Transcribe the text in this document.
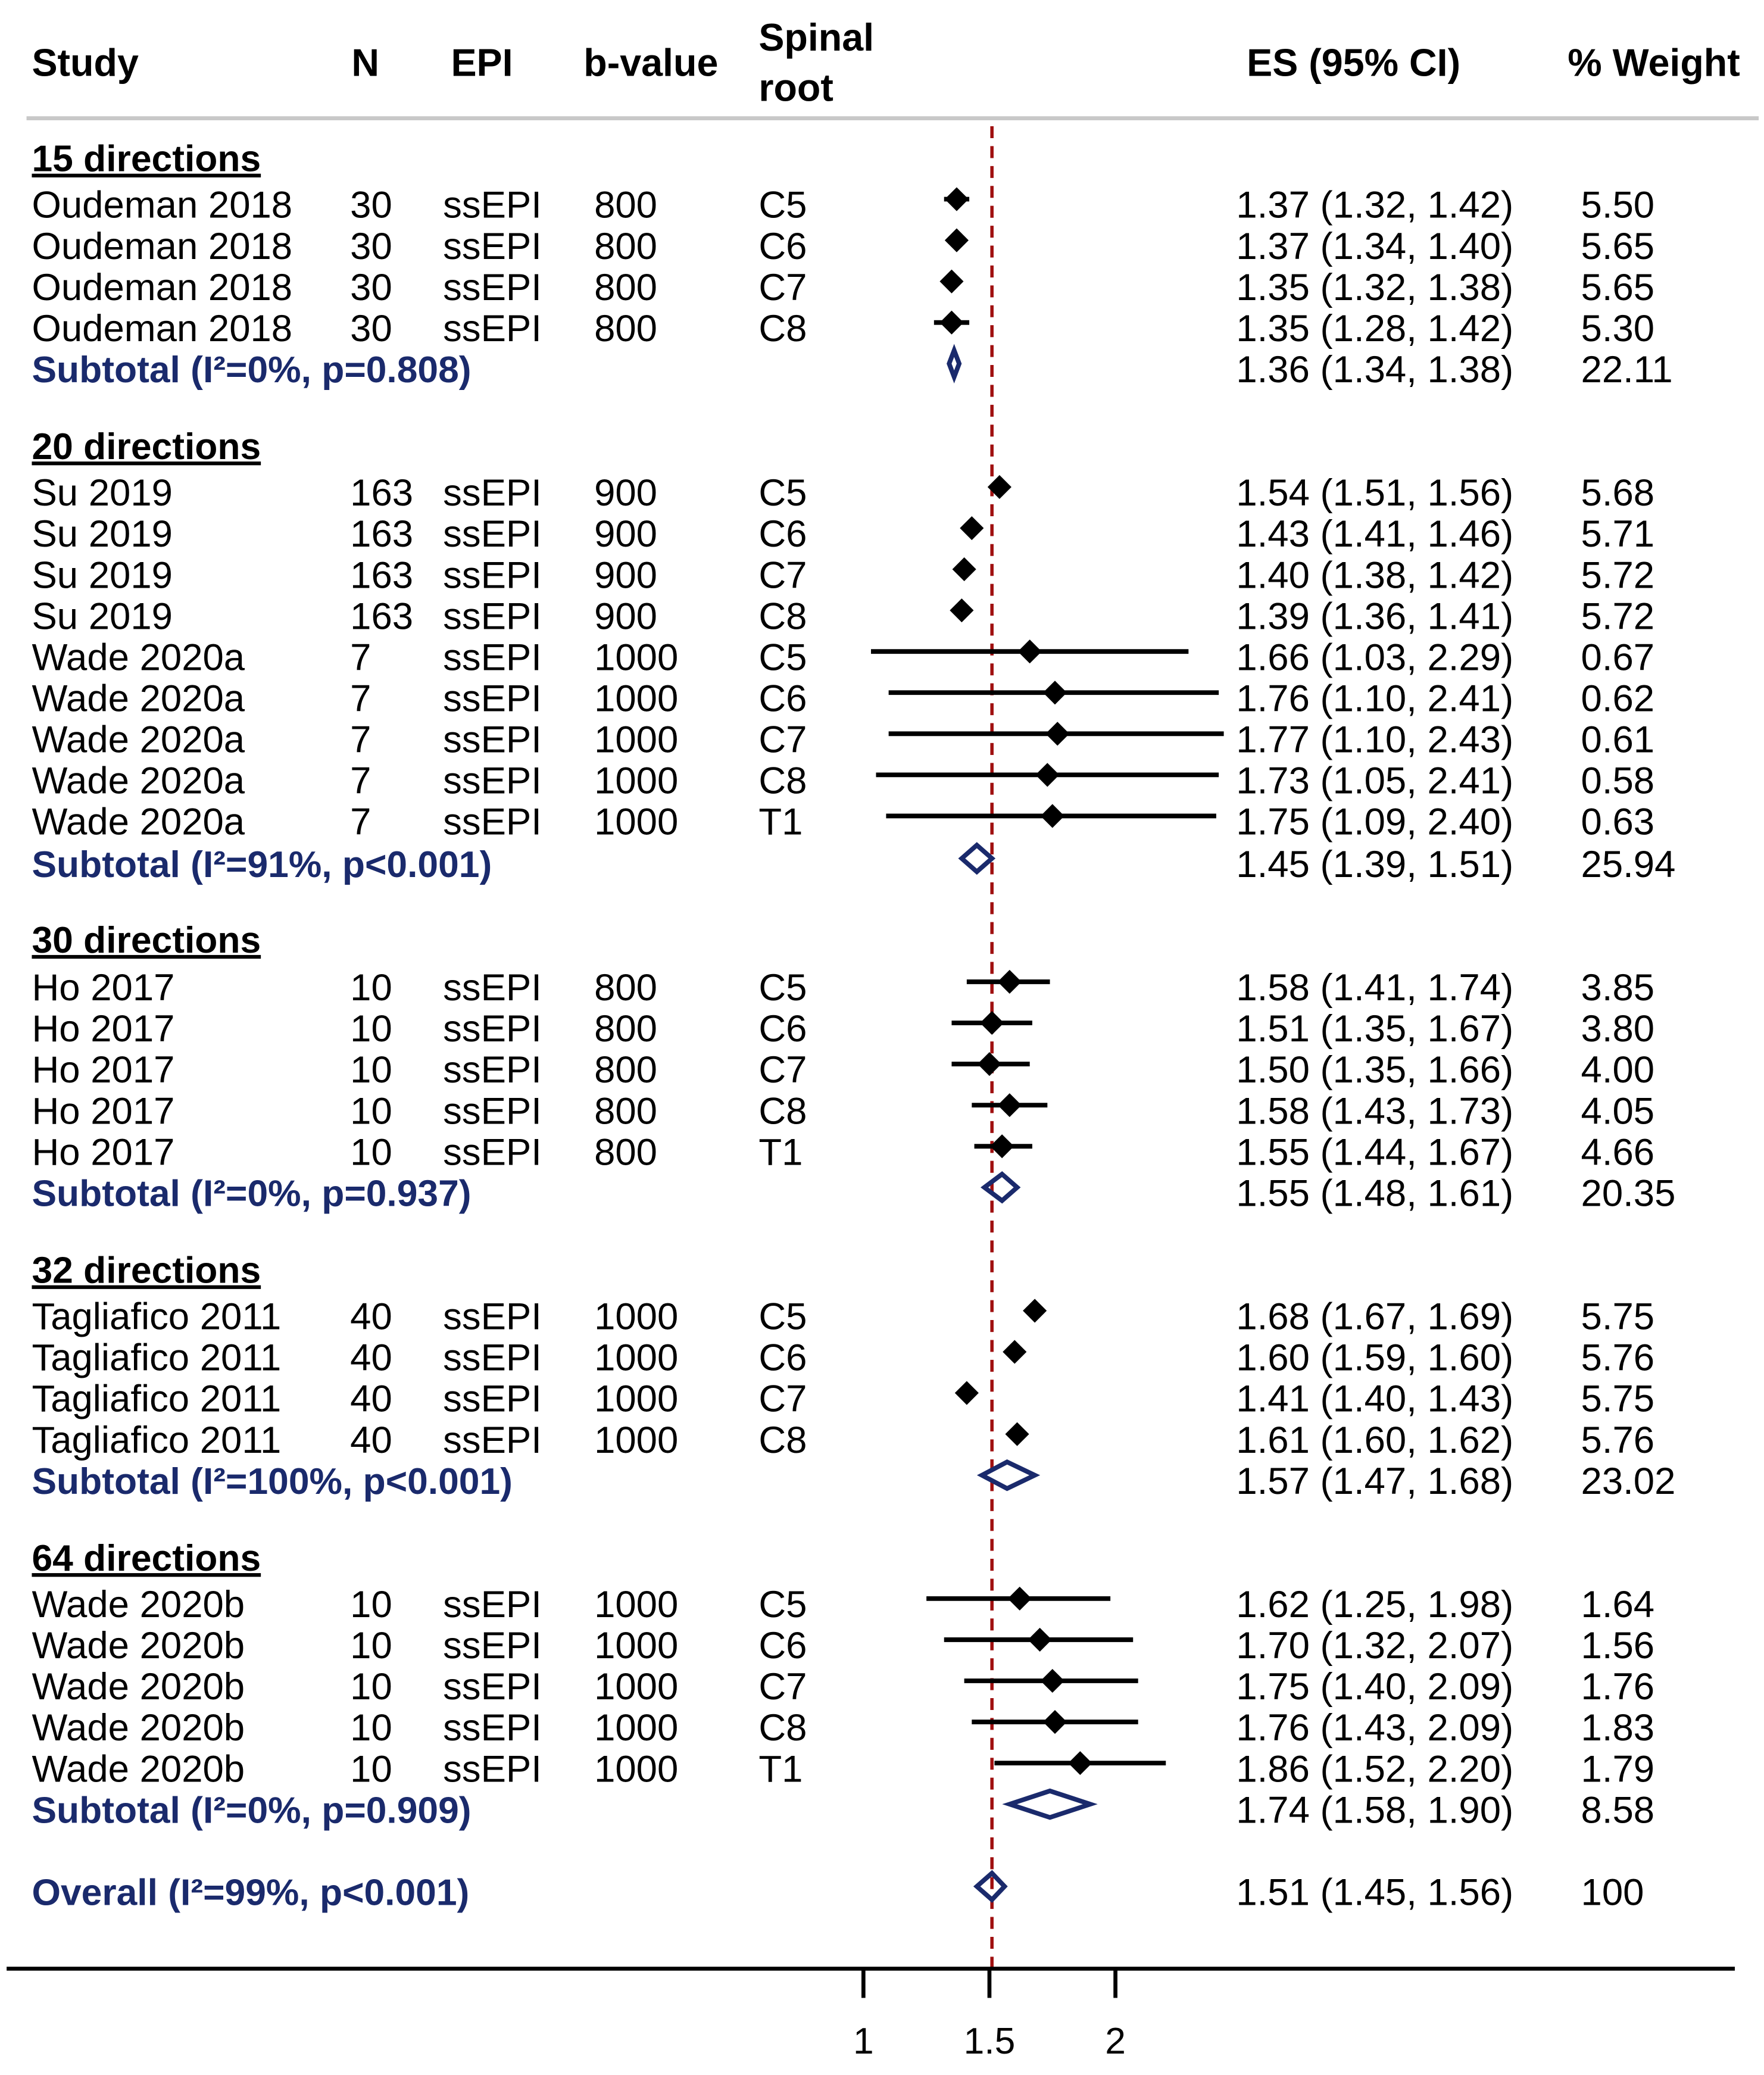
Study	N	EPI	b-value
Spinal
root
ES (95% CI)	% Weight
15 directions
Oudeman 2018	30	ssEPI	800	C5	1.37 (1.32, 1.42)	5.50
Oudeman 2018	30	ssEPI	800	C6	1.37 (1.34, 1.40)	5.65
Oudeman 2018	30	ssEPI	800	C7	1.35 (1.32, 1.38)	5.65
Oudeman 2018	30	ssEPI	800	C8	1.35 (1.28, 1.42)	5.30
Subtotal (I²=0%, p=0.808)	1.36 (1.34, 1.38)	22.11
20 directions
Su 2019	163 ssEPI	900	C5	1.54 (1.51, 1.56)	5.68
Su 2019	163 ssEPI	900	C6	1.43 (1.41, 1.46)	5.71
Su 2019	163 ssEPI	900	C7	1.40 (1.38, 1.42)	5.72
Su 2019	163 ssEPI	900	C8	1.39 (1.36, 1.41)	5.72
Wade 2020a	7	ssEPI	1000	C5	1.66 (1.03, 2.29)	0.67
Wade 2020a	7	ssEPI	1000	C6	1.76 (1.10, 2.41)	0.62
Wade 2020a	7	ssEPI	1000	C7	1.77 (1.10, 2.43)	0.61
Wade 2020a	7	ssEPI	1000	C8	1.73 (1.05, 2.41)	0.58
Wade 2020a	7	ssEPI	1000	T1	1.75 (1.09, 2.40)	0.63
Subtotal (I²=91%, p<0.001)	1.45 (1.39, 1.51)	25.94
30 directions
Ho 2017	10	ssEPI	800	C5	1.58 (1.41, 1.74)	3.85
Ho 2017	10	ssEPI	800	C6	1.51 (1.35, 1.67)	3.80
Ho 2017	10	ssEPI	800	C7	1.50 (1.35, 1.66)	4.00
Ho 2017	10	ssEPI	800	C8	1.58 (1.43, 1.73)	4.05
Ho 2017	10	ssEPI	800	T1	1.55 (1.44, 1.67)	4.66
Subtotal (I²=0%, p=0.937)	1.55 (1.48, 1.61)	20.35
32 directions
Tagliafico 2011	40	ssEPI	1000	C5	1.68 (1.67, 1.69)	5.75
Tagliafico 2011	40	ssEPI	1000	C6	1.60 (1.59, 1.60)	5.76
Tagliafico 2011	40	ssEPI	1000	C7	1.41 (1.40, 1.43)	5.75
Tagliafico 2011	40	ssEPI	1000	C8	1.61 (1.60, 1.62)	5.76
Subtotal (I²=100%, p<0.001)	1.57 (1.47, 1.68)	23.02
64 directions
Wade 2020b	10	ssEPI	1000	C5	1.62 (1.25, 1.98)	1.64
Wade 2020b	10	ssEPI	1000	C6	1.70 (1.32, 2.07)	1.56
Wade 2020b	10	ssEPI	1000	C7	1.75 (1.40, 2.09)	1.76
Wade 2020b	10	ssEPI	1000	C8	1.76 (1.43, 2.09)	1.83
Wade 2020b	10	ssEPI	1000	T1	1.86 (1.52, 2.20)	1.79
Subtotal (I²=0%, p=0.909)	1.74 (1.58, 1.90)	8.58
Overall (I²=99%, p<0.001)	1.51 (1.45, 1.56)	100
1	1.5	2
